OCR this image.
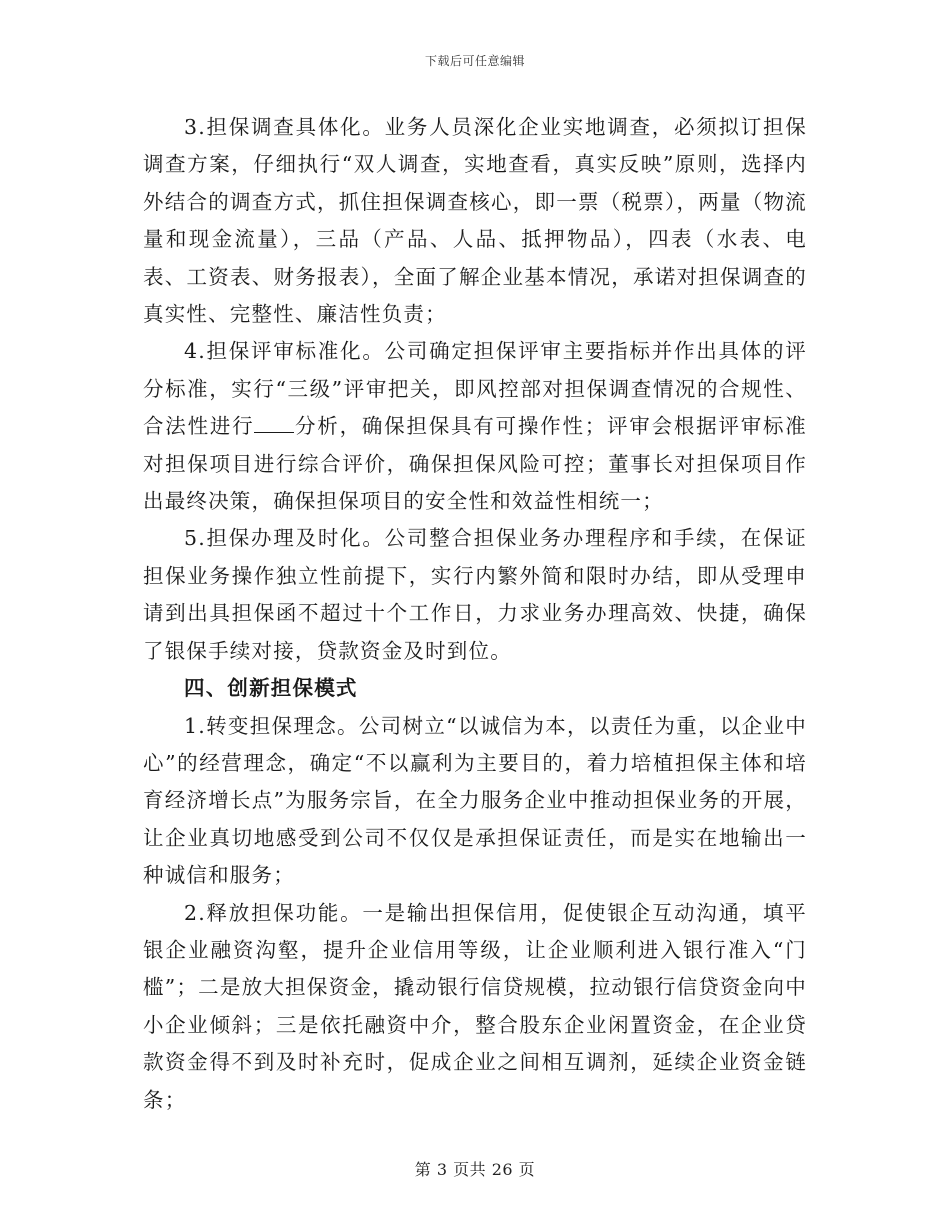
下载后可任意编辑

3.担保调查具体化。业务人员深化企业实地调查，必须拟订担保调查方案，仔细执行“双人调查，实地查看，真实反映”原则，选择内外结合的调查方式，抓住担保调查核心，即一票（税票），两量（物流量和现金流量），三品（产品、人品、抵押物品），四表（水表、电表、工资表、财务报表），全面了解企业基本情况，承诺对担保调查的真实性、完整性、廉洁性负责；

4.担保评审标准化。公司确定担保评审主要指标并作出具体的评分标准，实行“三级”评审把关，即风控部对担保调查情况的合规性、合法性进行 分析，确保担保具有可操作性；评审会根据评审标准对担保项目进行综合评价，确保担保风险可控；董事长对担保项目作出最终决策，确保担保项目的安全性和效益性相统一；

5.担保办理及时化。公司整合担保业务办理程序和手续，在保证担保业务操作独立性前提下，实行内繁外简和限时办结，即从受理申请到出具担保函不超过十个工作日，力求业务办理高效、快捷，确保了银保手续对接，贷款资金及时到位。

四、创新担保模式

1.转变担保理念。公司树立“以诚信为本，以责任为重，以企业中心”的经营理念，确定“不以赢利为主要目的，着力培植担保主体和培育经济增长点”为服务宗旨，在全力服务企业中推动担保业务的开展，让企业真切地感受到公司不仅仅是承担保证责任，而是实在地输出一种诚信和服务；

2.释放担保功能。一是输出担保信用，促使银企互动沟通，填平银企业融资沟壑，提升企业信用等级，让企业顺利进入银行准入“门槛”；二是放大担保资金，撬动银行信贷规模，拉动银行信贷资金向中小企业倾斜；三是依托融资中介，整合股东企业闲置资金，在企业贷款资金得不到及时补充时，促成企业之间相互调剂，延续企业资金链条；

第 3 页共 26 页
